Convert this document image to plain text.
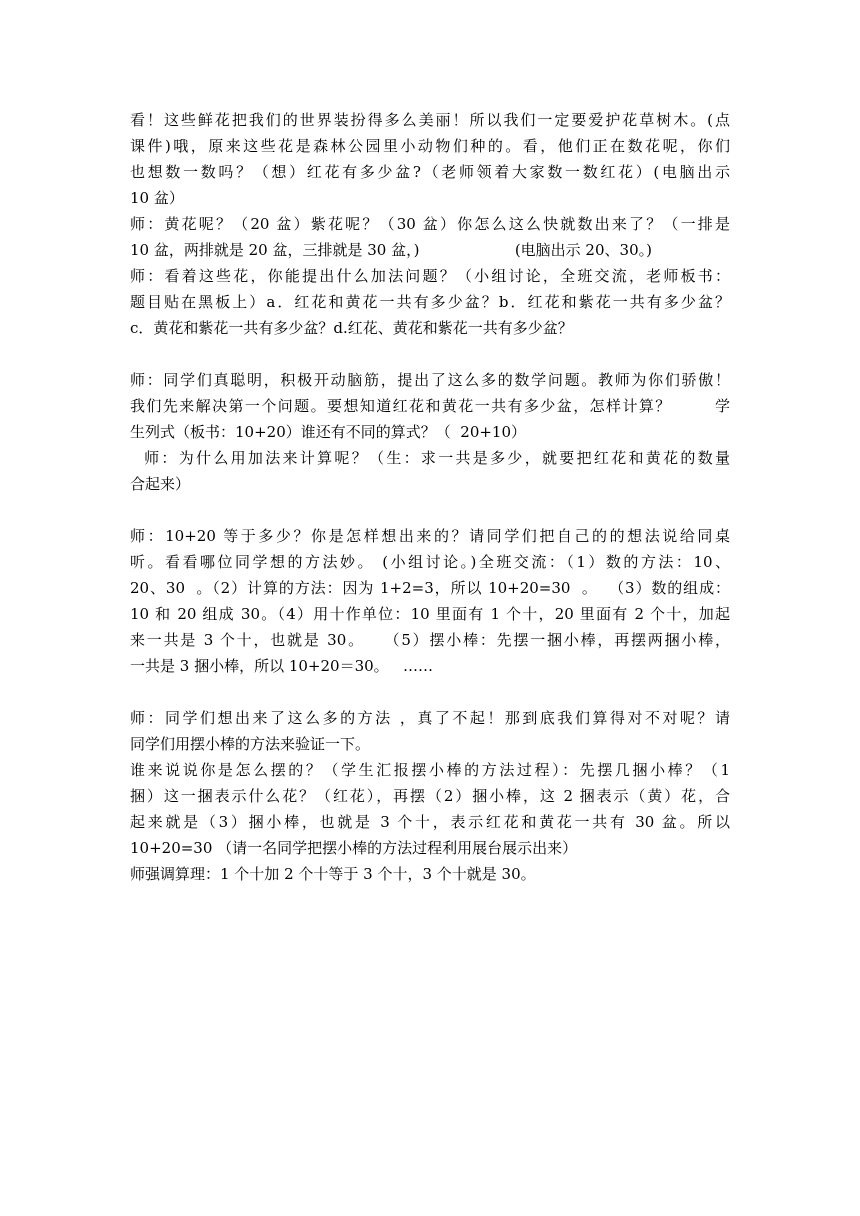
看！这些鲜花把我们的世界装扮得多么美丽！所以我们一定要爱护花草树木。(点
课件)哦，原来这些花是森林公园里小动物们种的。看，他们正在数花呢，你们
也想数一数吗？（想）红花有多少盆?（老师领着大家数一数红花）(电脑出示
10 盆）
师：黄花呢？（20 盆）紫花呢？（30 盆）你怎么这么快就数出来了？（一排是
10 盆，两排就是 20 盆，三排就是 30 盆，)                    (电脑出示 20、30。)
师：看着这些花，你能提出什么加法问题？（小组讨论，全班交流，老师板书：
题目贴在黑板上）a．红花和黄花一共有多少盆？b．红花和紫花一共有多少盆？
c．黄花和紫花一共有多少盆？d.红花、黄花和紫花一共有多少盆？
师：同学们真聪明，积极开动脑筋，提出了这么多的数学问题。教师为你们骄傲！
我们先来解决第一个问题。要想知道红花和黄花一共有多少盆，怎样计算？       学
生列式（板书：10+20）谁还有不同的算式？（  20+10）
师：为什么用加法来计算呢？（生：求一共是多少，就要把红花和黄花的数量
合起来）
师：10+20 等于多少？你是怎样想出来的？请同学们把自己的的想法说给同桌
听。看看哪位同学想的方法妙。 (小组讨论。)全班交流：（1）数的方法：10、
20、30  。（2）计算的方法：因为 1+2=3，所以 10+20=30  。  （3）数的组成：
10 和 20 组成 30。（4）用十作单位：10 里面有 1 个十，20 里面有 2 个十，加起
来一共是 3 个十，也就是 30。   （5）摆小棒：先摆一捆小棒，再摆两捆小棒，
一共是 3 捆小棒，所以 10+20＝30。   ……
师：同学们想出来了这么多的方法 ，真了不起！那到底我们算得对不对呢？请
同学们用摆小棒的方法来验证一下。
谁来说说你是怎么摆的？（学生汇报摆小棒的方法过程）：先摆几捆小棒？（1
捆）这一捆表示什么花？（红花），再摆（2）捆小棒，这 2 捆表示（黄）花，合
起来就是（3）捆小棒，也就是 3 个十，表示红花和黄花一共有 30 盆。所以
10+20=30 （请一名同学把摆小棒的方法过程利用展台展示出来）
师强调算理：1 个十加 2 个十等于 3 个十，3 个十就是 30。
